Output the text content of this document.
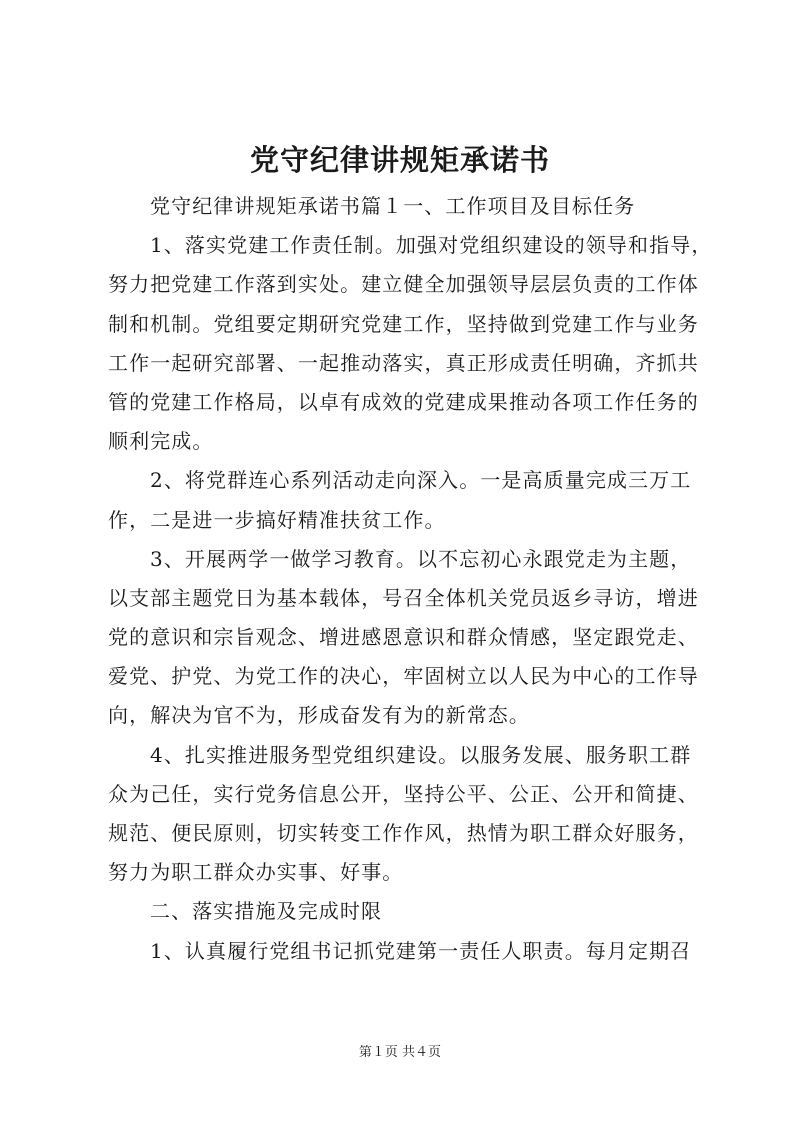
党守纪律讲规矩承诺书
党守纪律讲规矩承诺书篇１一、工作项目及目标任务
1、落实党建工作责任制。加强对党组织建设的领导和指导，
努力把党建工作落到实处。建立健全加强领导层层负责的工作体
制和机制。党组要定期研究党建工作，坚持做到党建工作与业务
工作一起研究部署、一起推动落实，真正形成责任明确，齐抓共
管的党建工作格局，以卓有成效的党建成果推动各项工作任务的
顺利完成。
2、将党群连心系列活动走向深入。一是高质量完成三万工
作，二是进一步搞好精准扶贫工作。
3、开展两学一做学习教育。以不忘初心永跟党走为主题，
以支部主题党日为基本载体，号召全体机关党员返乡寻访，增进
党的意识和宗旨观念、增进感恩意识和群众情感，坚定跟党走、
爱党、护党、为党工作的决心，牢固树立以人民为中心的工作导
向，解决为官不为，形成奋发有为的新常态。
4、扎实推进服务型党组织建设。以服务发展、服务职工群
众为己任，实行党务信息公开，坚持公平、公正、公开和简捷、
规范、便民原则，切实转变工作作风，热情为职工群众好服务，
努力为职工群众办实事、好事。
二、落实措施及完成时限
1、认真履行党组书记抓党建第一责任人职责。每月定期召
第１页 共４页
